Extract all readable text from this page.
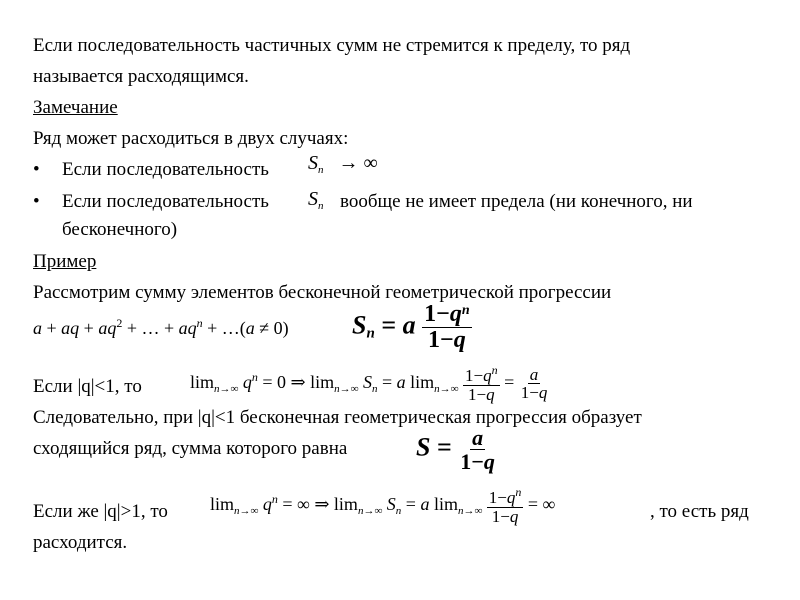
Если последовательность частичных сумм не стремится к пределу, то ряд
называется расходящимся.
Замечание
Ряд может расходиться в двух случаях:
• Если последовательность $S_n$   → ∞
• Если последовательность $S_n$ вообще не имеет предела (ни конечного, ни
бесконечного)
Пример
Рассмотрим сумму элементов бесконечной геометрической прогрессии
a + aq + $aq^2$ + … + $aq^n$ + …(a ≠ 0) $S_n = a \frac{1-q^n}{1-q}$
Если |q|<1, то	$\lim_{n\to\infty} q^n = 0$ ⇒ $\lim_{n\to\infty} S_n = a$ $\lim_{n\to\infty} \frac{1-q^n}{1-q} = \frac{a}{1-q}$
Следовательно, при |q|<1 бесконечная геометрическая прогрессия образует
сходящийся ряд, сумма которого равна	$S = \frac{a}{1-q}$
Если же |q|>1, то $\lim_{n\to\infty} q^n$ = ∞ ⇒ $\lim_{n\to\infty} S_n = a$ $\lim_{n\to\infty} \frac{1-q^n}{1-q}$ = ∞	, то есть ряд
расходится.
